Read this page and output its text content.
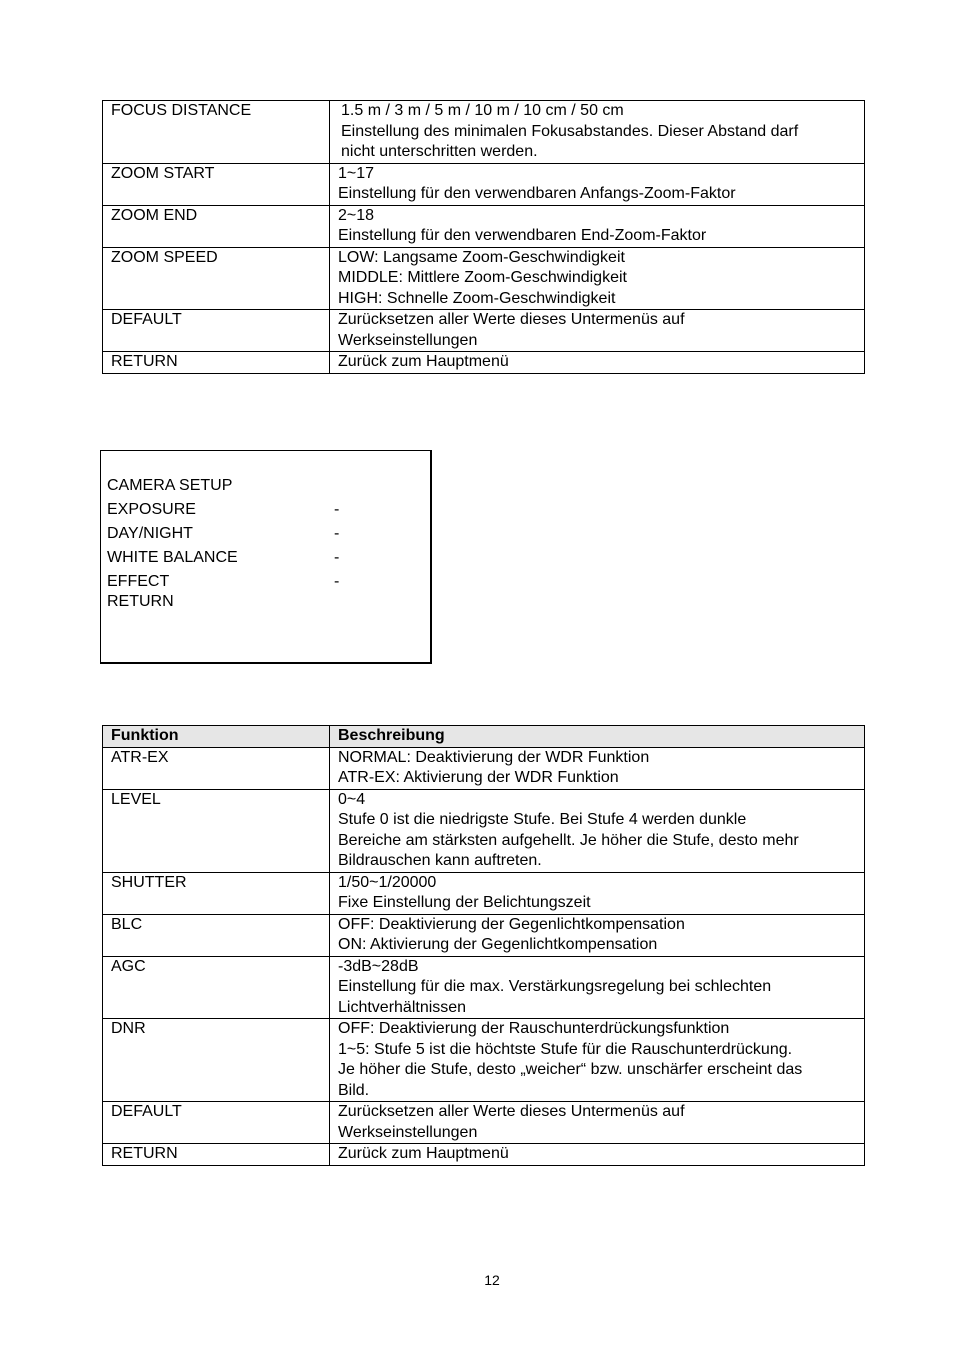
FOCUS DISTANCE	1.5 m / 3 m / 5 m / 10 m / 10 cm / 50 cm
Einstellung des minimalen Fokusabstandes. Dieser Abstand darf
nicht unterschritten werden.

ZOOM START	1~17
Einstellung für den verwendbaren Anfangs-Zoom-Faktor

ZOOM END	2~18
Einstellung für den verwendbaren End-Zoom-Faktor

ZOOM SPEED	LOW: Langsame Zoom-Geschwindigkeit
MIDDLE: Mittlere Zoom-Geschwindigkeit
HIGH: Schnelle Zoom-Geschwindigkeit

DEFAULT	Zurücksetzen aller Werte dieses Untermenüs auf
Werkseinstellungen

RETURN	Zurück zum Hauptmenü
CAMERA SETUP
EXPOSURE	-
DAY/NIGHT	-
WHITE BALANCE	-
EFFECT	-
RETURN
Funktion	Beschreibung
ATR-EX	NORMAL: Deaktivierung der WDR Funktion
ATR-EX: Aktivierung der WDR Funktion

LEVEL	0~4
Stufe 0 ist die niedrigste Stufe. Bei Stufe 4 werden dunkle
Bereiche am stärksten aufgehellt. Je höher die Stufe, desto mehr
Bildrauschen kann auftreten.

SHUTTER	1/50~1/20000
Fixe Einstellung der Belichtungszeit

BLC	OFF: Deaktivierung der Gegenlichtkompensation
ON: Aktivierung der Gegenlichtkompensation

AGC	-3dB~28dB
Einstellung für die max. Verstärkungsregelung bei schlechten
Lichtverhältnissen

DNR	OFF: Deaktivierung der Rauschunterdrückungsfunktion
1~5: Stufe 5 ist die höchtste Stufe für die Rauschunterdrückung.
Je höher die Stufe, desto „weicher“ bzw. unschärfer erscheint das
Bild.

DEFAULT	Zurücksetzen aller Werte dieses Untermenüs auf
Werkseinstellungen

RETURN	Zurück zum Hauptmenü
12
